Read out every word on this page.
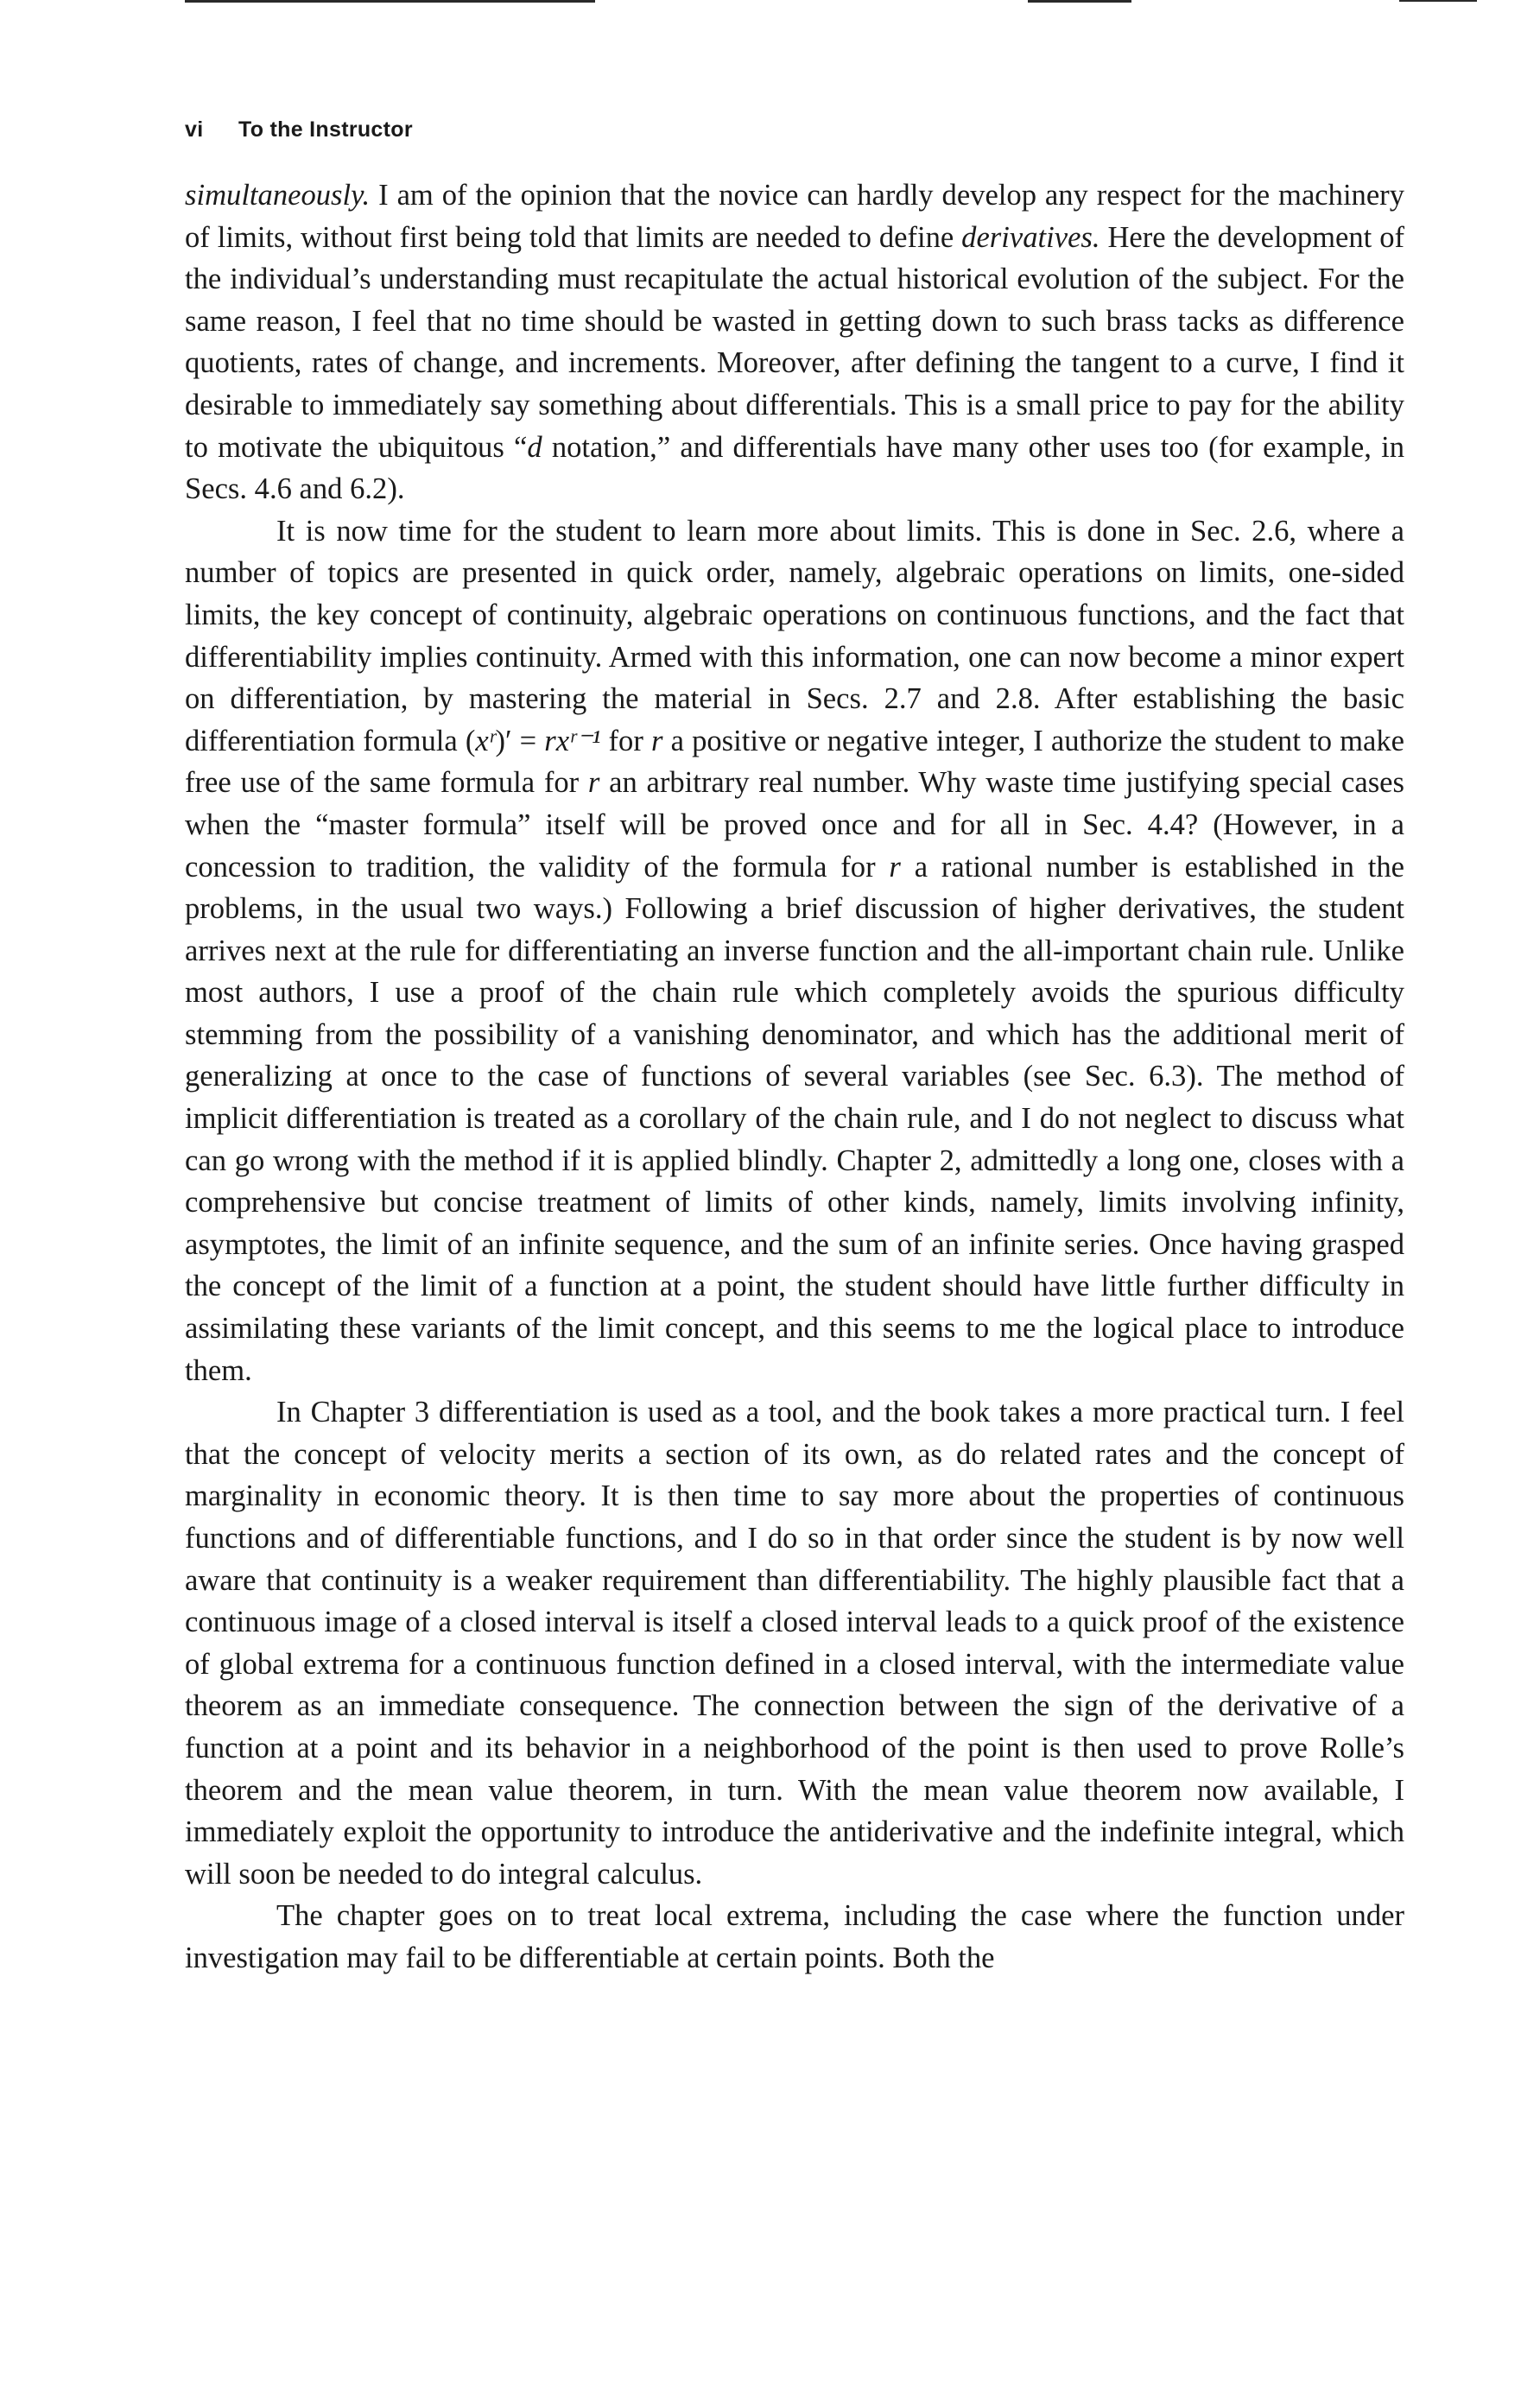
vi To the Instructor

simultaneously. I am of the opinion that the novice can hardly develop any respect for the machinery of limits, without first being told that limits are needed to define derivatives. Here the development of the individual’s understanding must recapitulate the actual historical evolution of the subject. For the same reason, I feel that no time should be wasted in getting down to such brass tacks as difference quotients, rates of change, and increments. Moreover, after defining the tangent to a curve, I find it desirable to immediately say something about differentials. This is a small price to pay for the ability to motivate the ubiquitous “d notation,” and differentials have many other uses too (for example, in Secs. 4.6 and 6.2).

It is now time for the student to learn more about limits. This is done in Sec. 2.6, where a number of topics are presented in quick order, namely, algebraic operations on limits, one-sided limits, the key concept of continuity, algebraic operations on continuous functions, and the fact that differentiability implies continuity. Armed with this information, one can now become a minor expert on differentiation, by mastering the material in Secs. 2.7 and 2.8. After establishing the basic differentiation formula (xʳ)′ = rxʳ⁻¹ for r a positive or negative integer, I authorize the student to make free use of the same formula for r an arbitrary real number. Why waste time justifying special cases when the “master formula” itself will be proved once and for all in Sec. 4.4? (However, in a concession to tradition, the validity of the formula for r a rational number is established in the problems, in the usual two ways.) Following a brief discussion of higher derivatives, the student arrives next at the rule for differentiating an inverse function and the all-important chain rule. Unlike most authors, I use a proof of the chain rule which completely avoids the spurious difficulty stemming from the possibility of a vanishing denominator, and which has the additional merit of generalizing at once to the case of functions of several variables (see Sec. 6.3). The method of implicit differentiation is treated as a corollary of the chain rule, and I do not neglect to discuss what can go wrong with the method if it is applied blindly. Chapter 2, admittedly a long one, closes with a comprehensive but concise treatment of limits of other kinds, namely, limits involving infinity, asymptotes, the limit of an infinite sequence, and the sum of an infinite series. Once having grasped the concept of the limit of a function at a point, the student should have little further difficulty in assimilating these variants of the limit concept, and this seems to me the logical place to introduce them.

In Chapter 3 differentiation is used as a tool, and the book takes a more practical turn. I feel that the concept of velocity merits a section of its own, as do related rates and the concept of marginality in economic theory. It is then time to say more about the properties of continuous functions and of differentiable functions, and I do so in that order since the student is by now well aware that continuity is a weaker requirement than differentiability. The highly plausible fact that a continuous image of a closed interval is itself a closed interval leads to a quick proof of the existence of global extrema for a continuous function defined in a closed interval, with the intermediate value theorem as an immediate consequence. The connection between the sign of the derivative of a function at a point and its behavior in a neighborhood of the point is then used to prove Rolle’s theorem and the mean value theorem, in turn. With the mean value theorem now available, I immediately exploit the opportunity to introduce the antiderivative and the indefinite integral, which will soon be needed to do integral calculus.

The chapter goes on to treat local extrema, including the case where the function under investigation may fail to be differentiable at certain points. Both the
